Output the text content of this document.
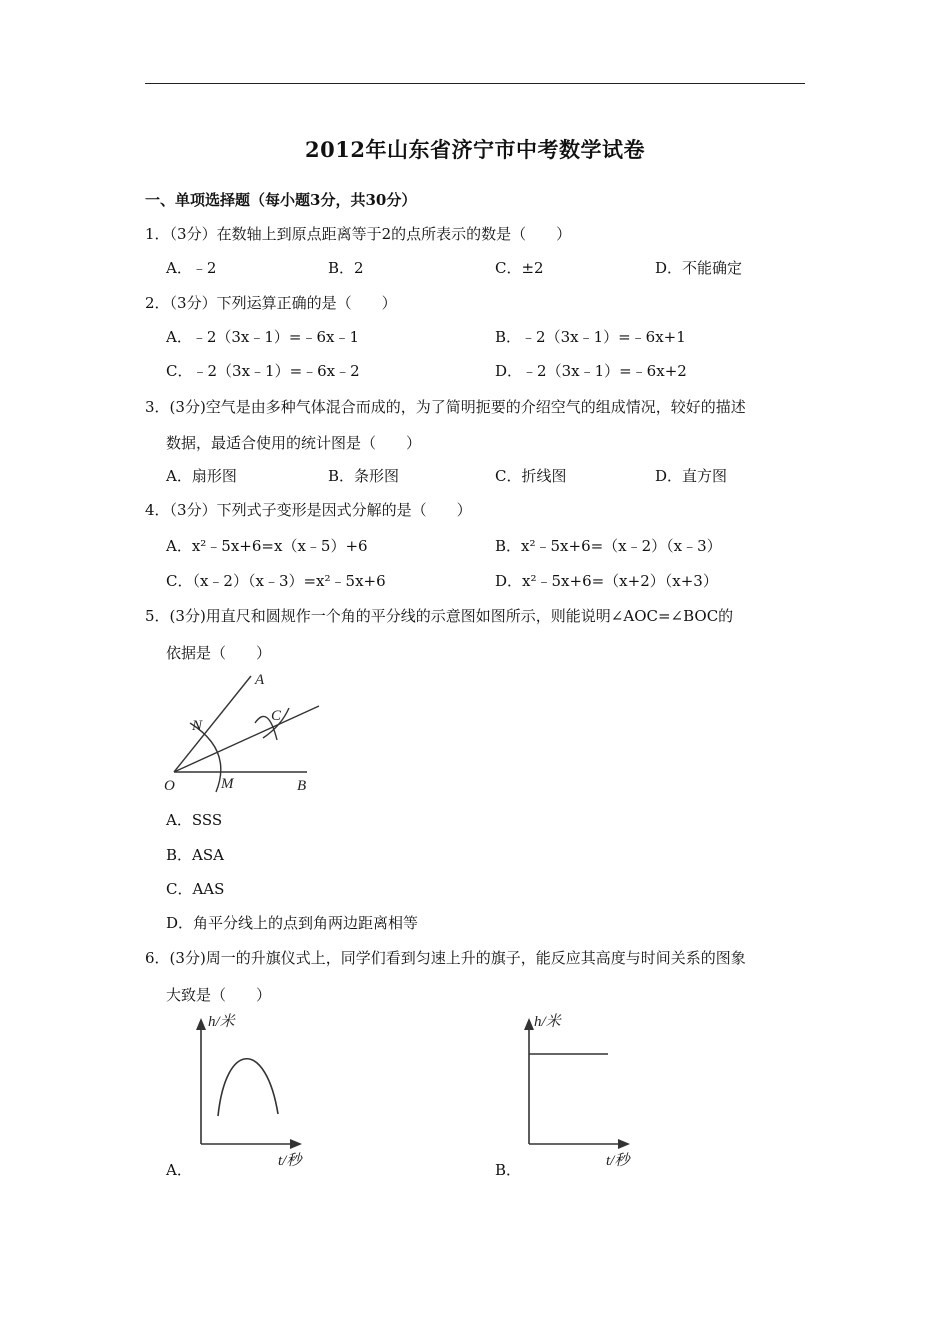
2012年山东省济宁市中考数学试卷
一、单项选择题（每小题3分，共30分）
1．（3分）在数轴上到原点距离等于2的点所表示的数是（　　）
A．﹣2	B．2	C．±2	D．不能确定
2．（3分）下列运算正确的是（　　）
A．﹣2（3x﹣1）=﹣6x﹣1	B．﹣2（3x﹣1）=﹣6x+1
C．﹣2（3x﹣1）=﹣6x﹣2	D．﹣2（3x﹣1）=﹣6x+2
3．(3分)空气是由多种气体混合而成的，为了简明扼要的介绍空气的组成情况，较好的描述
数据，最适合使用的统计图是（　　）
A．扇形图	B．条形图	C．折线图	D．直方图
4．（3分）下列式子变形是因式分解的是（　　）
A．x²﹣5x+6=x（x﹣5）+6	B．x²﹣5x+6=（x﹣2）（x﹣3）
C．（x﹣2）（x﹣3）=x²﹣5x+6	D．x²﹣5x+6=（x+2）（x+3）
5．(3分)用直尺和圆规作一个角的平分线的示意图如图所示，则能说明∠AOC=∠BOC的
依据是（　　）
A
N
C
O	M	B
A．SSS
B．ASA
C．AAS
D．角平分线上的点到角两边距离相等
6．(3分)周一的升旗仪式上，同学们看到匀速上升的旗子，能反应其高度与时间关系的图象
大致是（　　）
h/米
t/秒
h/米
t/秒
A．	B．
